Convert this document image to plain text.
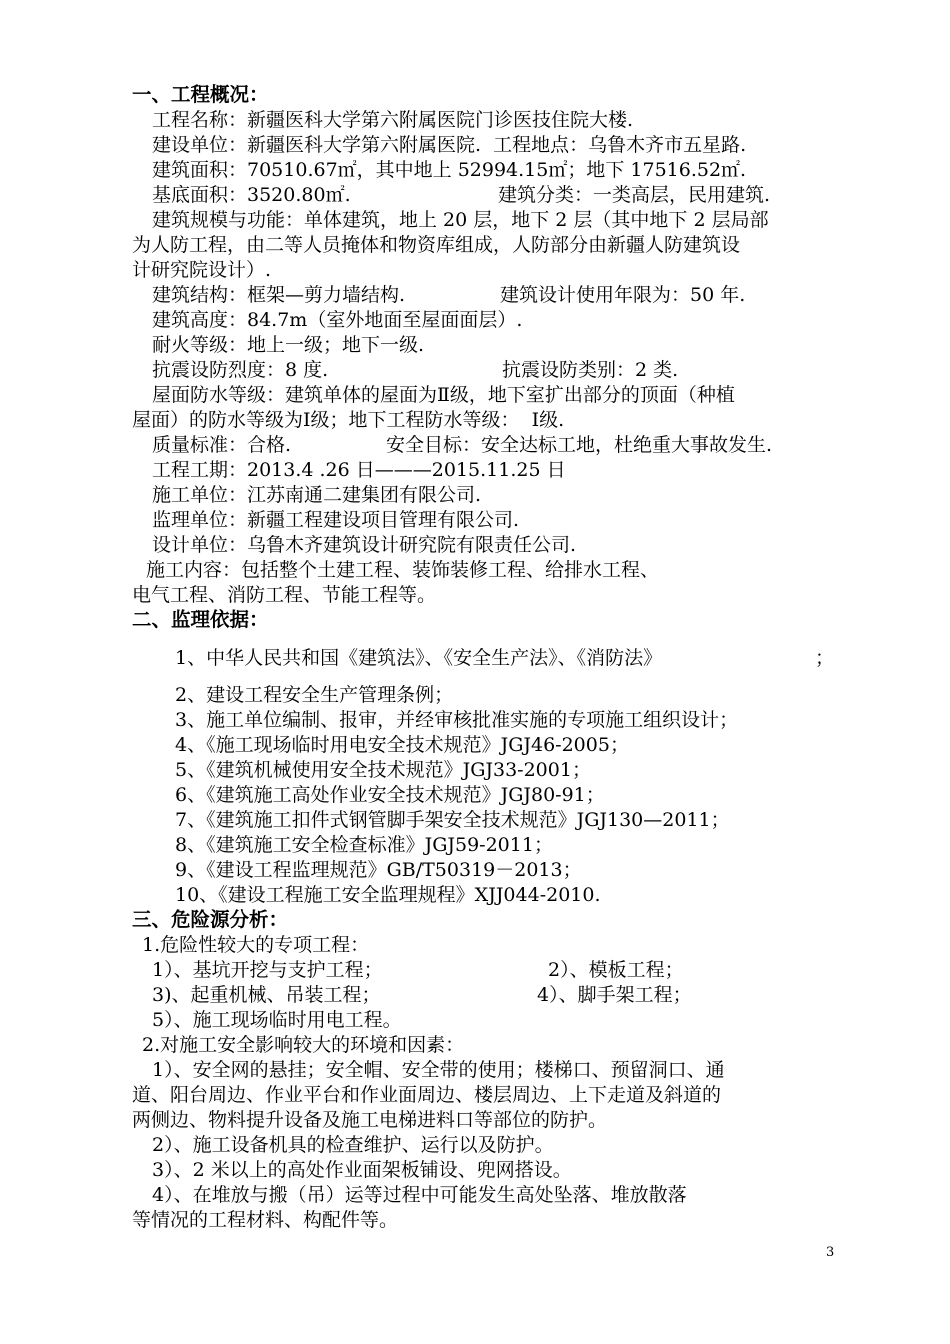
一、工程概况：
工程名称：新疆医科大学第六附属医院门诊医技住院大楼.
建设单位：新疆医科大学第六附属医院.  工程地点：乌鲁木齐市五星路.
建筑面积：70510.67㎡，其中地上 52994.15㎡；地下 17516.52㎡.
基底面积：3520.80㎡.	建筑分类：一类高层，民用建筑.
建筑规模与功能：单体建筑，地上 20 层，地下 2 层（其中地下 2 层局部
为人防工程，由二等人员掩体和物资库组成，人防部分由新疆人防建筑设
计研究院设计）.
建筑结构：框架—剪力墙结构.	建筑设计使用年限为：50 年.
建筑高度：84.7m（室外地面至屋面面层）.
耐火等级：地上一级；地下一级.
抗震设防烈度：8 度.	抗震设防类别：2 类.
屋面防水等级：建筑单体的屋面为Ⅱ级，地下室扩出部分的顶面（种植
屋面）的防水等级为Ⅰ级；地下工程防水等级：  Ⅰ级.
质量标准：合格.	安全目标：安全达标工地，杜绝重大事故发生.
工程工期：2013.4 .26 日———2015.11.25 日
施工单位：江苏南通二建集团有限公司.
监理单位：新疆工程建设项目管理有限公司.
设计单位：乌鲁木齐建筑设计研究院有限责任公司.
施工内容：包括整个土建工程、装饰装修工程、给排水工程、
电气工程、消防工程、节能工程等。
二、监理依据：
1、中华人民共和国《建筑法》、《安全生产法》、《消防法》	；
2、建设工程安全生产管理条例；
3、施工单位编制、报审，并经审核批准实施的专项施工组织设计；
4、《施工现场临时用电安全技术规范》JGJ46-2005；
5、《建筑机械使用安全技术规范》JGJ33-2001；
6、《建筑施工高处作业安全技术规范》JGJ80-91；
7、《建筑施工扣件式钢管脚手架安全技术规范》JGJ130—2011；
8、《建筑施工安全检查标准》JGJ59-2011；
9、《建设工程监理规范》GB/T50319－2013；
10、《建设工程施工安全监理规程》XJJ044-2010.
三、危险源分析：
1.危险性较大的专项工程：
1）、基坑开挖与支护工程；	2）、模板工程；
3)、起重机械、吊装工程；	4）、脚手架工程；
5）、施工现场临时用电工程。
2.对施工安全影响较大的环境和因素：
1）、安全网的悬挂；安全帽、安全带的使用；楼梯口、预留洞口、通
道、阳台周边、作业平台和作业面周边、楼层周边、上下走道及斜道的
两侧边、物料提升设备及施工电梯进料口等部位的防护。
2）、施工设备机具的检查维护、运行以及防护。
3）、2 米以上的高处作业面架板铺设、兜网搭设。
4）、在堆放与搬（吊）运等过程中可能发生高处坠落、堆放散落
等情况的工程材料、构配件等。
3
